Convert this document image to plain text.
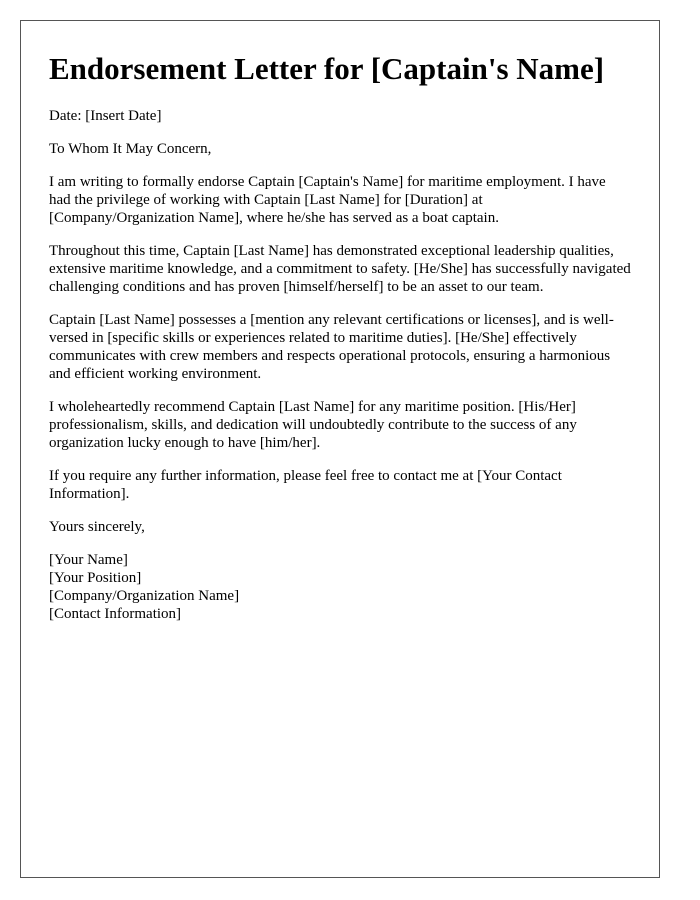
Endorsement Letter for [Captain's Name]

Date: [Insert Date]

To Whom It May Concern,

I am writing to formally endorse Captain [Captain's Name] for maritime employment. I have had the privilege of working with Captain [Last Name] for [Duration] at [Company/Organization Name], where he/she has served as a boat captain.

Throughout this time, Captain [Last Name] has demonstrated exceptional leadership qualities, extensive maritime knowledge, and a commitment to safety. [He/She] has successfully navigated challenging conditions and has proven [himself/herself] to be an asset to our team.

Captain [Last Name] possesses a [mention any relevant certifications or licenses], and is well-versed in [specific skills or experiences related to maritime duties]. [He/She] effectively communicates with crew members and respects operational protocols, ensuring a harmonious and efficient working environment.

I wholeheartedly recommend Captain [Last Name] for any maritime position. [His/Her] professionalism, skills, and dedication will undoubtedly contribute to the success of any organization lucky enough to have [him/her].

If you require any further information, please feel free to contact me at [Your Contact Information].

Yours sincerely,

[Your Name]

[Your Position]

[Company/Organization Name]

[Contact Information]
